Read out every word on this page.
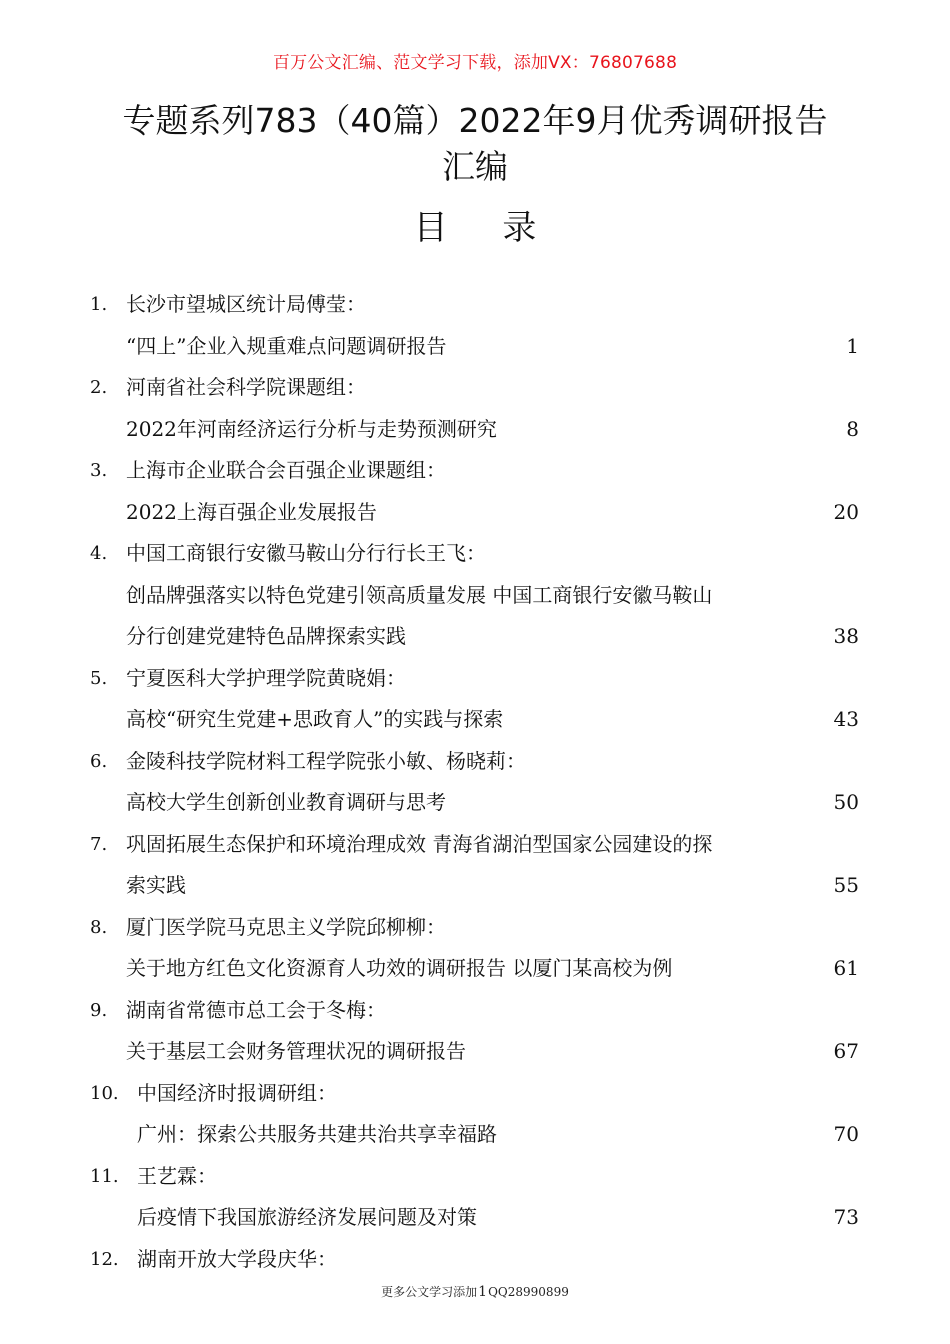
百万公文汇编、范文学习下载，添加VX：76807688
专题系列783（40篇）2022年9月优秀调研报告
汇编
目 录
1. 长沙市望城区统计局傅莹：
“四上”企业入规重难点问题调研报告	1
2. 河南省社会科学院课题组：
2022年河南经济运行分析与走势预测研究	8
3. 上海市企业联合会百强企业课题组：
2022上海百强企业发展报告	20
4. 中国工商银行安徽马鞍山分行行长王飞：
创品牌强落实以特色党建引领高质量发展 中国工商银行安徽马鞍山
分行创建党建特色品牌探索实践	38
5. 宁夏医科大学护理学院黄晓娟：
高校“研究生党建+思政育人”的实践与探索	43
6. 金陵科技学院材料工程学院张小敏、杨晓莉：
高校大学生创新创业教育调研与思考	50
7. 巩固拓展生态保护和环境治理成效 青海省湖泊型国家公园建设的探
索实践	55
8. 厦门医学院马克思主义学院邱柳柳：
关于地方红色文化资源育人功效的调研报告 以厦门某高校为例	61
9. 湖南省常德市总工会于冬梅：
关于基层工会财务管理状况的调研报告	67
10. 中国经济时报调研组：
广州：探索公共服务共建共治共享幸福路	70
11. 王艺霖：
后疫情下我国旅游经济发展问题及对策	73
12. 湖南开放大学段庆华：
更多公文学习添加1QQ28990899
